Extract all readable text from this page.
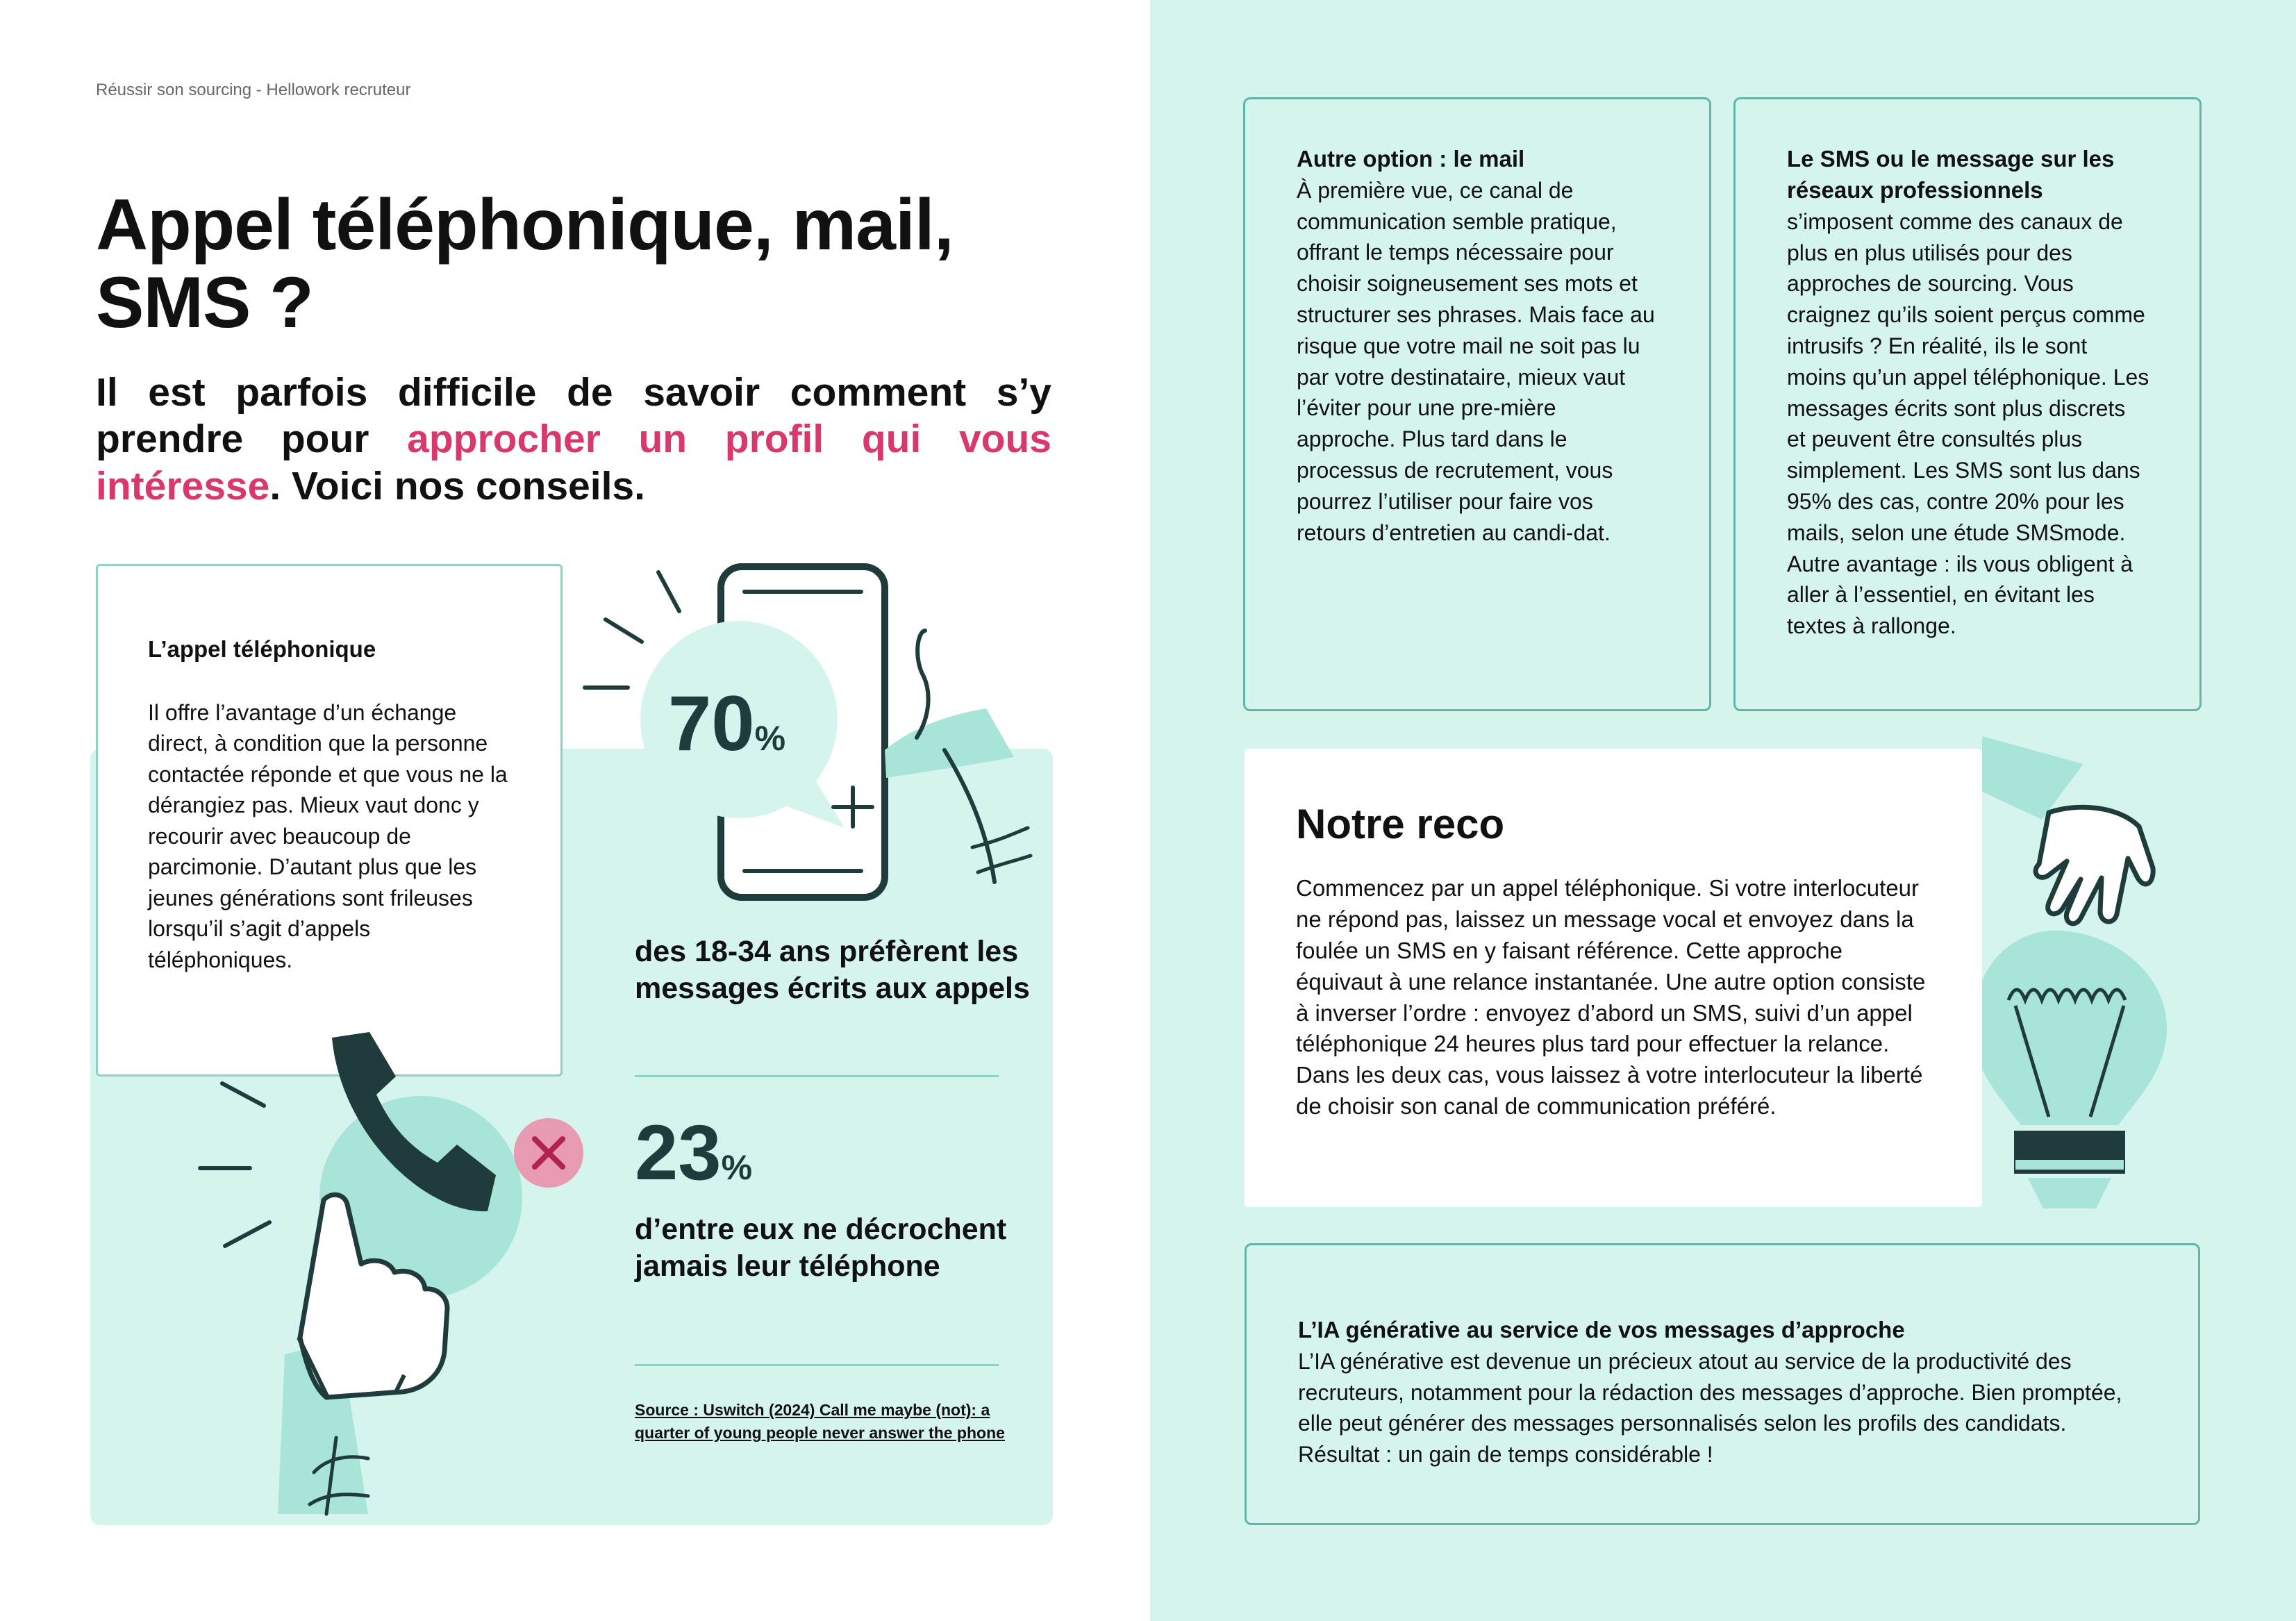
Réussir son sourcing - Hellowork recruteur
Appel téléphonique, mail, SMS ?
Il est parfois difficile de savoir comment s’y prendre pour approcher un profil qui vous intéresse. Voici nos conseils.
70%
des 18-34 ans préfèrent les messages écrits aux appels
23%
d’entre eux ne décrochent jamais leur téléphone
Source : Uswitch (2024) Call me maybe (not): a quarter of young people never answer the phone
L’appel téléphonique

Il offre l’avantage d’un échange direct, à condition que la personne contactée réponde et que vous ne la dérangiez pas. Mieux vaut donc y recourir avec beaucoup de parcimonie. D’autant plus que les jeunes générations sont frileuses lorsqu’il s’agit d’appels téléphoniques.

Autre option : le mail

À première vue, ce canal de communication semble pratique, offrant le temps nécessaire pour choisir soigneusement ses mots et structurer ses phrases. Mais face au risque que votre mail ne soit pas lu par votre destinataire, mieux vaut l’éviter pour une pre-mière approche. Plus tard dans le processus de recrutement, vous pourrez l’utiliser pour faire vos retours d’entretien au candi-dat.

Le SMS ou le message sur les réseaux professionnels

s’imposent comme des canaux de plus en plus utilisés pour des approches de sourcing. Vous craignez qu’ils soient perçus comme intrusifs ? En réalité, ils le sont moins qu’un appel téléphonique. Les messages écrits sont plus discrets et peuvent être consultés plus simplement. Les SMS sont lus dans 95% des cas, contre 20% pour les mails, selon une étude SMSmode. Autre avantage : ils vous obligent à aller à l’essentiel, en évitant les textes à rallonge.

Notre reco

Commencez par un appel téléphonique. Si votre interlocuteur ne répond pas, laissez un message vocal et envoyez dans la foulée un SMS en y faisant référence. Cette approche équivaut à une relance instantanée. Une autre option consiste à inverser l’ordre : envoyez d’abord un SMS, suivi d’un appel téléphonique 24 heures plus tard pour effectuer la relance. Dans les deux cas, vous laissez à votre interlocuteur la liberté de choisir son canal de communication préféré.

L’IA générative au service de vos messages d’approche

L’IA générative est devenue un précieux atout au service de la productivité des recruteurs, notamment pour la rédaction des messages d’approche. Bien promptée, elle peut générer des messages personnalisés selon les profils des candidats. Résultat : un gain de temps considérable !
